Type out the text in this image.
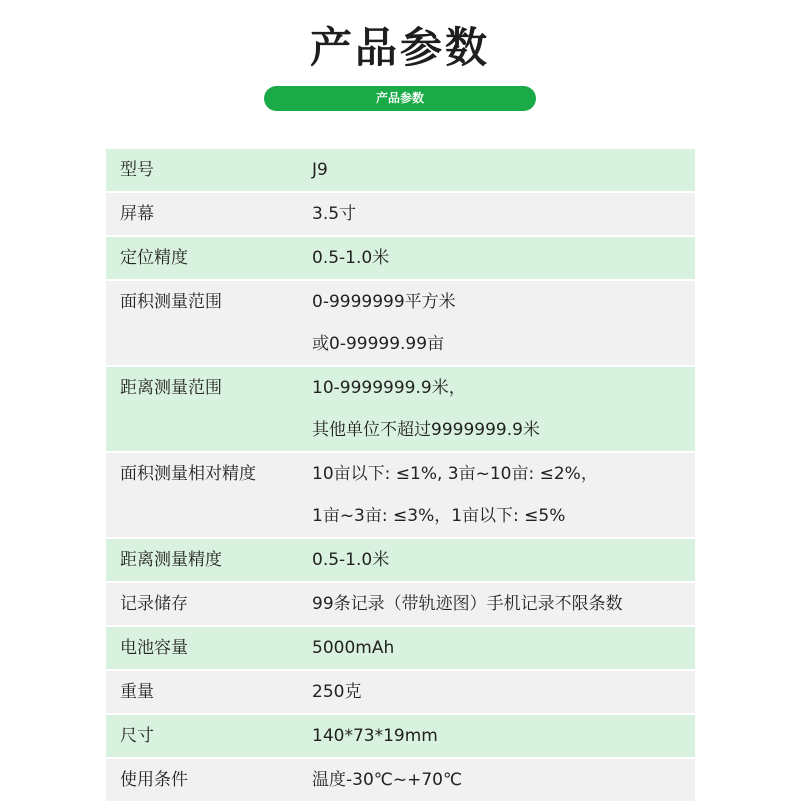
产品参数
产品参数
型号	J9
屏幕	3.5寸
定位精度	0.5-1.0米
面积测量范围	0-9999999平方米
或0-99999.99亩
距离测量范围	10-9999999.9米，
其他单位不超过9999999.9米
面积测量相对精度	10亩以下: ≤1%, 3亩~10亩: ≤2%，
1亩~3亩: ≤3%，1亩以下: ≤5%
距离测量精度	0.5-1.0米
记录储存	99条记录（带轨迹图）手机记录不限条数
电池容量	5000mAh
重量	250克
尺寸	140*73*19mm
使用条件	温度-30℃~+70℃
